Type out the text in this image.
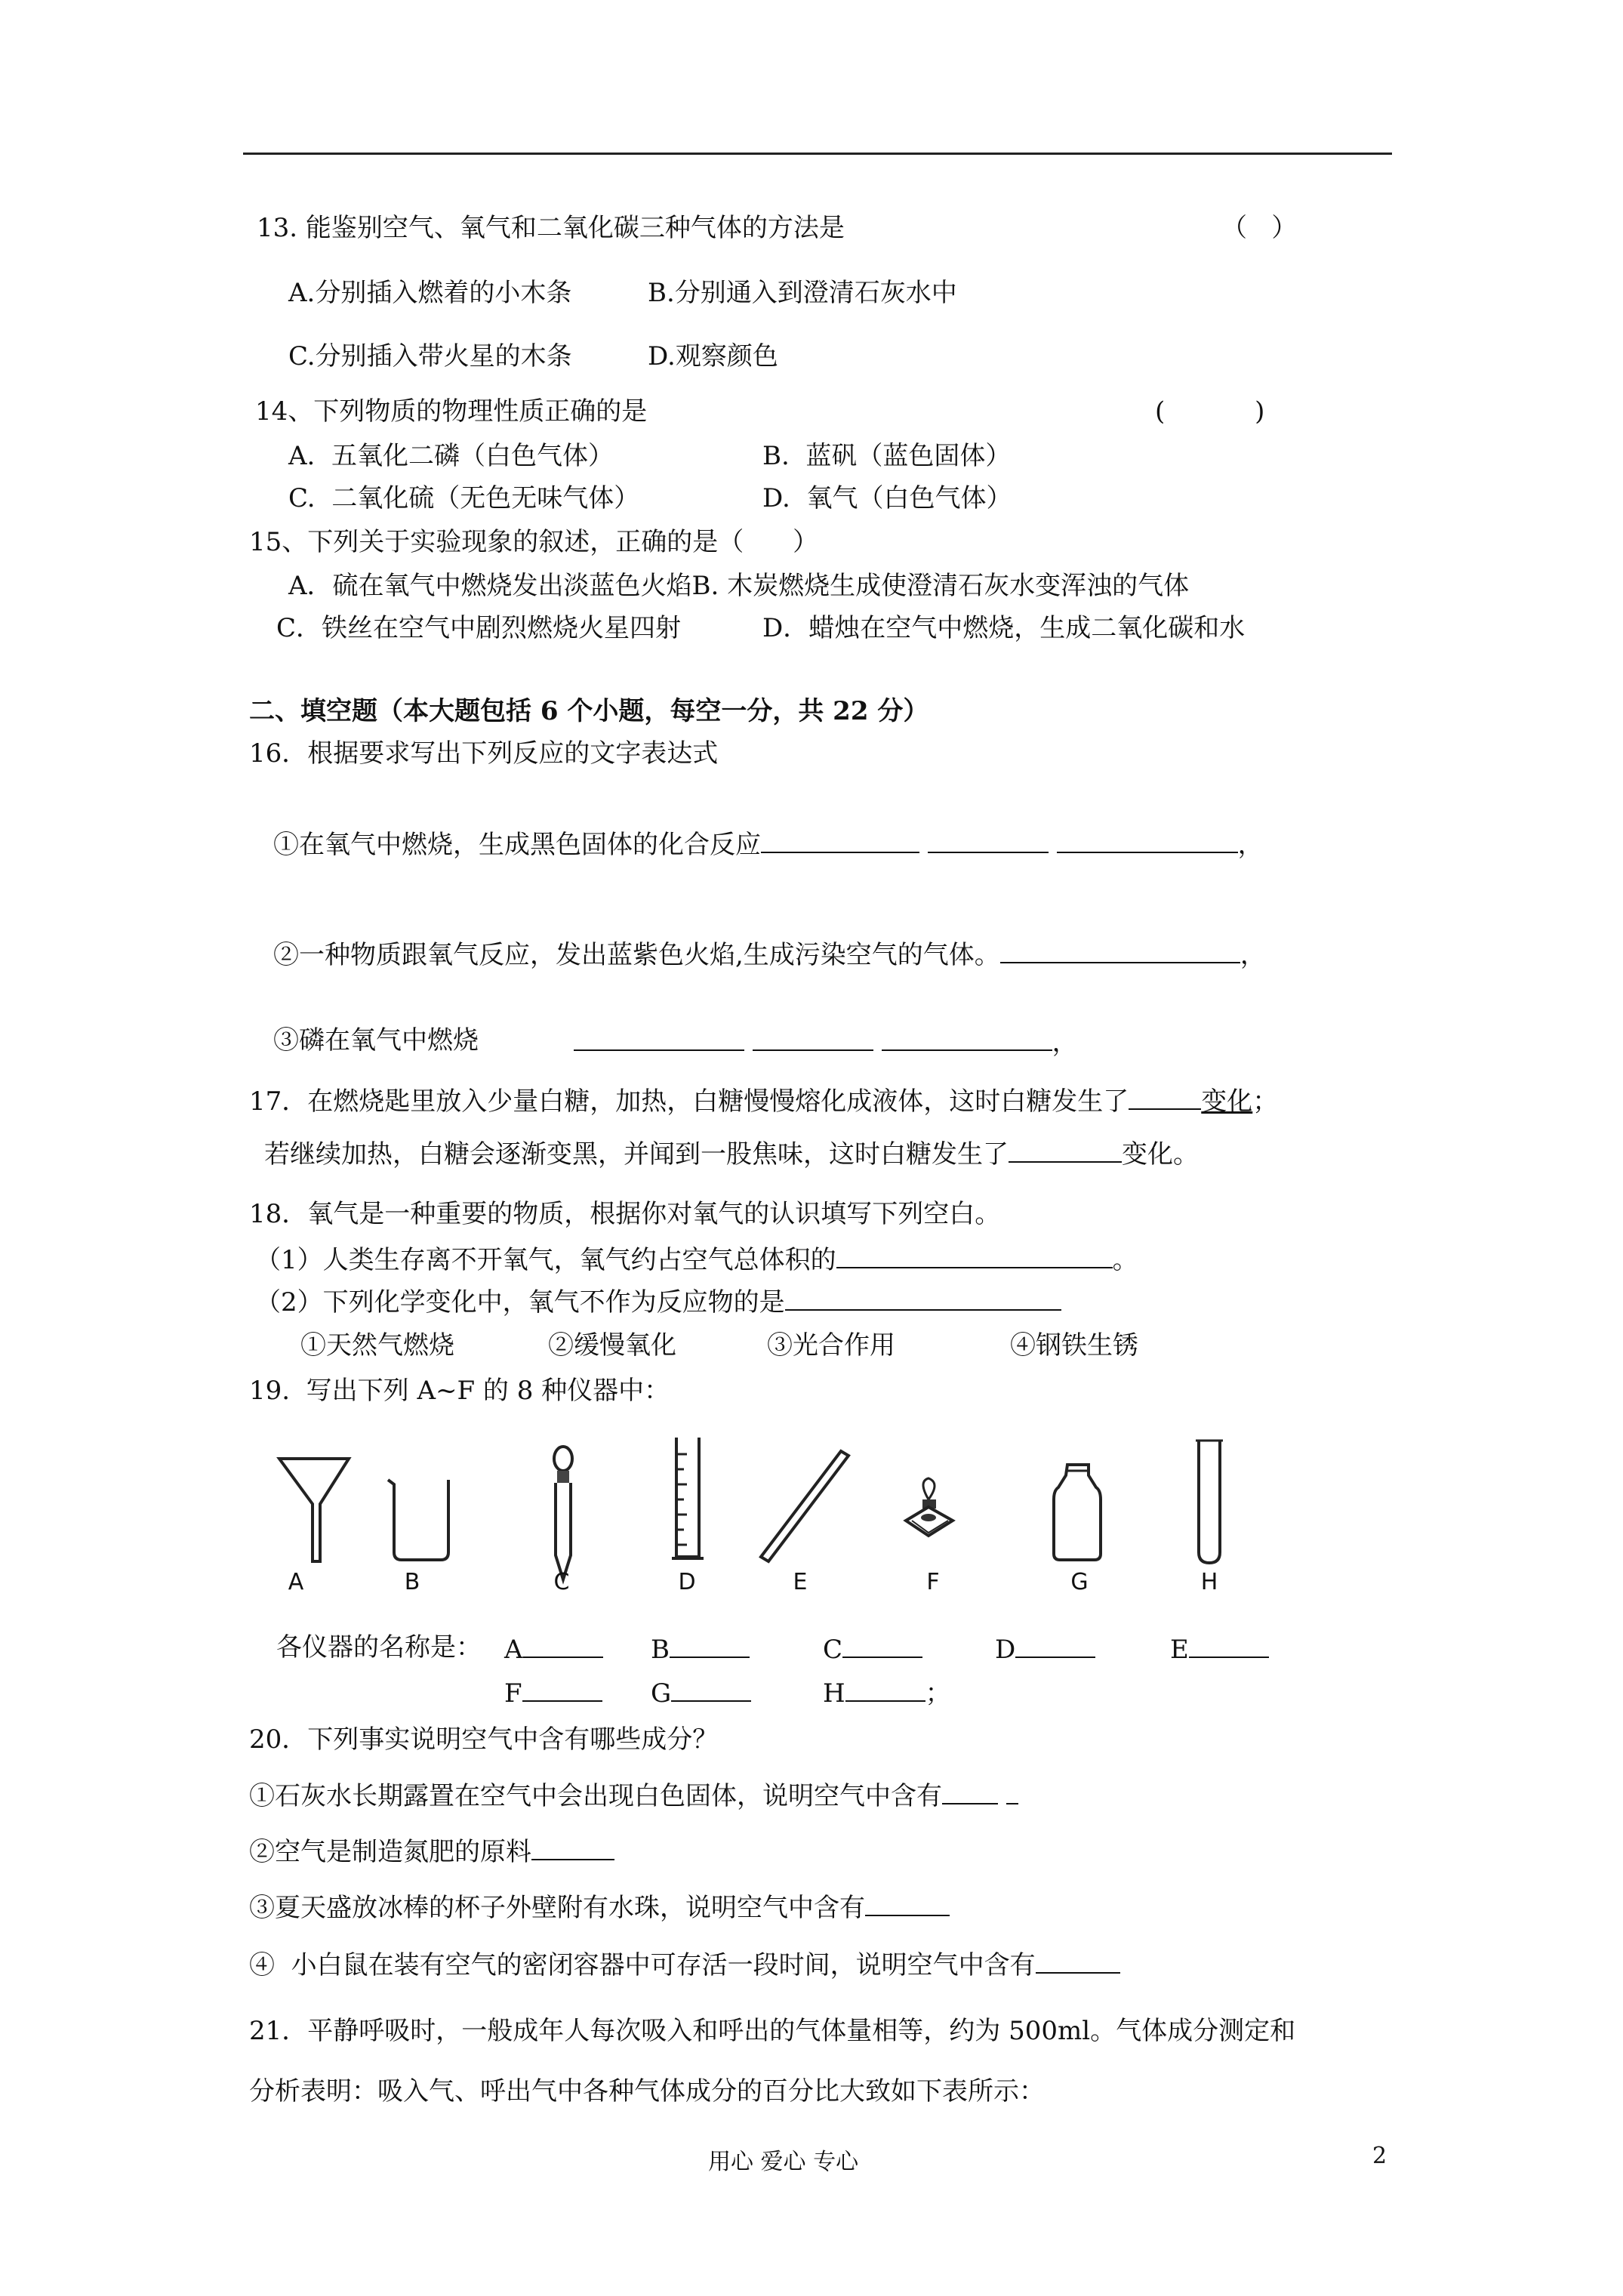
13. 能鉴别空气、氧气和二氧化碳三种气体的方法是	（   ）
A.分别插入燃着的小木条	B.分别通入到澄清石灰水中
C.分别插入带火星的木条	D.观察颜色
14、下列物质的物理性质正确的是	(           )
A.  五氧化二磷（白色气体）	B.  蓝矾（蓝色固体）
C.  二氧化硫（无色无味气体）	D.  氧气（白色气体）
15、下列关于实验现象的叙述，正确的是（      ）
A．硫在氧气中燃烧发出淡蓝色火焰B. 木炭燃烧生成使澄清石灰水变浑浊的气体
C．铁丝在空气中剧烈燃烧火星四射	D．蜡烛在空气中燃烧，生成二氧化碳和水
二、填空题（本大题包括 6 个小题，每空一分，共 22 分）
16．根据要求写出下列反应的文字表达式
①在氧气中燃烧，生成黑色固体的化合反应	，
②一种物质跟氧气反应，发出蓝紫色火焰,生成污染空气的气体。	，
③磷在氧气中燃烧	，
17．在燃烧匙里放入少量白糖，加热，白糖慢慢熔化成液体，这时白糖发生了	变化；
若继续加热，白糖会逐渐变黑，并闻到一股焦味，这时白糖发生了	变化。
18．氧气是一种重要的物质，根据你对氧气的认识填写下列空白。
（1）人类生存离不开氧气，氧气约占空气总体积的	。
（2）下列化学变化中，氧气不作为反应物的是
①天然气燃烧	②缓慢氧化	③光合作用	④钢铁生锈
19.  写出下列 A~F 的 8 种仪器中：
A	B	C	D	E	F	G	H
各仪器的名称是： A	B	C	D	E
F	G	H	；
20．下列事实说明空气中含有哪些成分？
①石灰水长期露置在空气中会出现白色固体，说明空气中含有
②空气是制造氮肥的原料
③夏天盛放冰棒的杯子外壁附有水珠，说明空气中含有
④  小白鼠在装有空气的密闭容器中可存活一段时间，说明空气中含有
21．平静呼吸时，一般成年人每次吸入和呼出的气体量相等，约为 500ml。气体成分测定和
分析表明：吸入气、呼出气中各种气体成分的百分比大致如下表所示：
用心 爱心 专心	2
